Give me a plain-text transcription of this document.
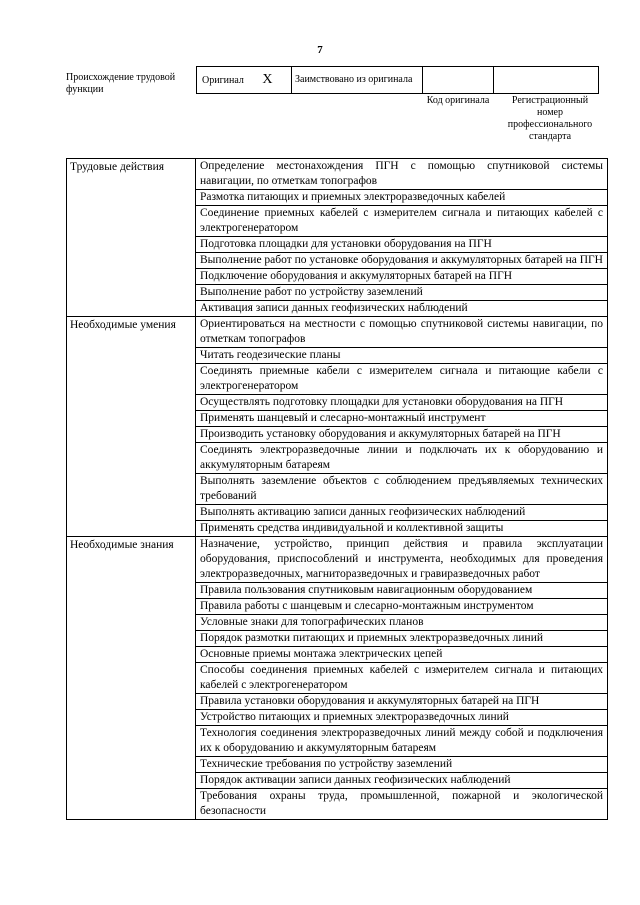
7
Происхождение трудовой функции
Оригинал X	Заимствовано из оригинала		
Код оригинала	Регистрационный номер профессионального стандарта
Трудовые действия	Определение местонахождения ПГН с помощью спутниковой системы навигации, по отметкам топографов
	Размотка питающих и приемных электроразведочных кабелей
	Соединение приемных кабелей с измерителем сигнала и питающих кабелей с электрогенератором
	Подготовка площадки для установки оборудования на ПГН
	Выполнение работ по установке оборудования и аккумуляторных батарей на ПГН
	Подключение оборудования и аккумуляторных батарей на ПГН
	Выполнение работ по устройству заземлений
	Активация записи данных геофизических наблюдений
Необходимые умения	Ориентироваться на местности с помощью спутниковой системы навигации, по отметкам топографов
	Читать геодезические планы
	Соединять приемные кабели с измерителем сигнала и питающие кабели с электрогенератором
	Осуществлять подготовку площадки для установки оборудования на ПГН
	Применять шанцевый и слесарно-монтажный инструмент
	Производить установку оборудования и аккумуляторных батарей на ПГН
	Соединять электроразведочные линии и подключать их к оборудованию и аккумуляторным батареям
	Выполнять заземление объектов с соблюдением предъявляемых технических требований
	Выполнять активацию записи данных геофизических наблюдений
	Применять средства индивидуальной и коллективной защиты
Необходимые знания	Назначение, устройство, принцип действия и правила эксплуатации оборудования, приспособлений и инструмента, необходимых для проведения электроразведочных, магниторазведочных и гравиразведочных работ
	Правила пользования спутниковым навигационным оборудованием
	Правила работы с шанцевым и слесарно-монтажным инструментом
	Условные знаки для топографических планов
	Порядок размотки питающих и приемных электроразведочных линий
	Основные приемы монтажа электрических цепей
	Способы соединения приемных кабелей с измерителем сигнала и питающих кабелей с электрогенератором
	Правила установки оборудования и аккумуляторных батарей на ПГН
	Устройство питающих и приемных электроразведочных линий
	Технология соединения электроразведочных линий между собой и подключения их к оборудованию и аккумуляторным батареям
	Технические требования по устройству заземлений
	Порядок активации записи данных геофизических наблюдений
	Требования охраны труда, промышленной, пожарной и экологической безопасности
